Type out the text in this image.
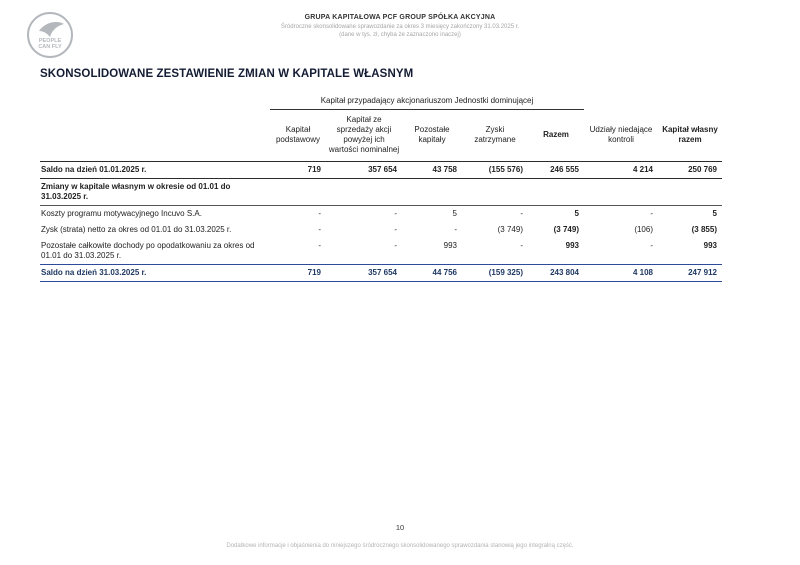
PEOPLE
CAN FLY
GRUPA KAPITAŁOWA PCF GROUP SPÓŁKA AKCYJNA
Śródroczne skonsolidowane sprawozdanie za okres 3 miesięcy zakończony 31.03.2025 r.
(dane w tys. zł, chyba że zaznaczono inaczej)
SKONSOLIDOWANE ZESTAWIENIE ZMIAN W KAPITALE WŁASNYM
	Kapitał przypadający akcjonariuszom Jednostki dominującej						
	Kapitał podstawowy	Kapitał ze sprzedaży akcji powyżej ich wartości nominalnej	Pozostałe kapitały	Zyski zatrzymane	Razem	Udziały niedające kontroli	Kapitał własny razem
Saldo na dzień 01.01.2025 r.	719	357 654	43 758	(155 576)	246 555	4 214	250 769
Zmiany w kapitale własnym w okresie od 01.01 do 31.03.2025 r.							
Koszty programu motywacyjnego Incuvo S.A.	-	-	5	-	5	-	5
Zysk (strata) netto za okres od 01.01 do 31.03.2025 r.	-	-	-	(3 749)	(3 749)	(106)	(3 855)
Pozostałe całkowite dochody po opodatkowaniu za okres od 01.01 do 31.03.2025 r.	-	-	993	-	993	-	993
Saldo na dzień 31.03.2025 r.	719	357 654	44 756	(159 325)	243 804	4 108	247 912
10
Dodatkowe informacje i objaśnienia do niniejszego śródrocznego skonsolidowanego sprawozdania stanowią jego integralną część.
